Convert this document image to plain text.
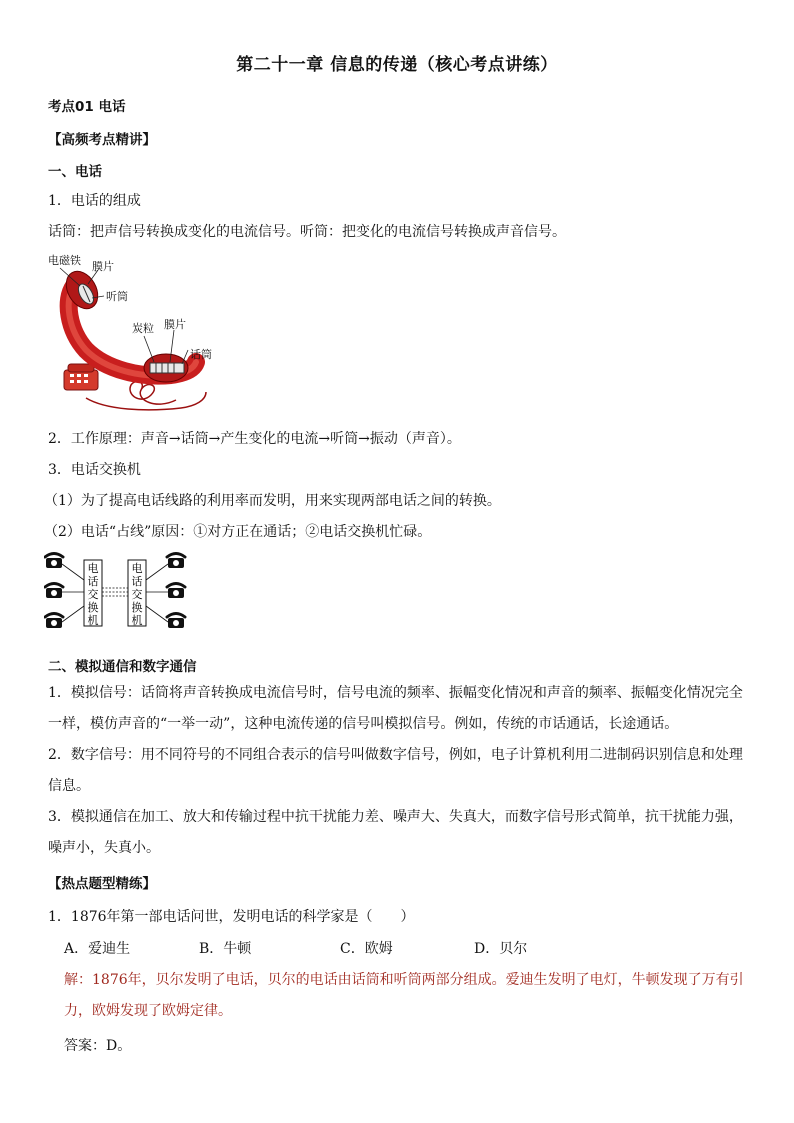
第二十一章 信息的传递（核心考点讲练）
考点01 电话
【高频考点精讲】
一、电话
1．电话的组成
话筒：把声信号转换成变化的电流信号。听筒：把变化的电流信号转换成声音信号。
电磁铁 膜片
听筒
炭粒 膜片
话筒
2．工作原理：声音→话筒→产生变化的电流→听筒→振动（声音）。
3．电话交换机
（1）为了提高电话线路的利用率而发明，用来实现两部电话之间的转换。
（2）电话“占线”原因：①对方正在通话；②电话交换机忙碌。
电
话
交
换
机
电
话
交
换
机
二、模拟通信和数字通信
1．模拟信号：话筒将声音转换成电流信号时，信号电流的频率、振幅变化情况和声音的频率、振幅变化情况完全一样，模仿声音的“一举一动”，这种电流传递的信号叫模拟信号。例如，传统的市话通话，长途通话。
2．数字信号：用不同符号的不同组合表示的信号叫做数字信号，例如，电子计算机利用二进制码识别信息和处理信息。
3．模拟通信在加工、放大和传输过程中抗干扰能力差、噪声大、失真大，而数字信号形式简单，抗干扰能力强，噪声小，失真小。
【热点题型精练】
1．1876年第一部电话问世，发明电话的科学家是（　　）
A．爱迪生	B．牛顿	C．欧姆	D．贝尔
解：1876年，贝尔发明了电话，贝尔的电话由话筒和听筒两部分组成。爱迪生发明了电灯，牛顿发现了万有引力，欧姆发现了欧姆定律。
答案：D。
